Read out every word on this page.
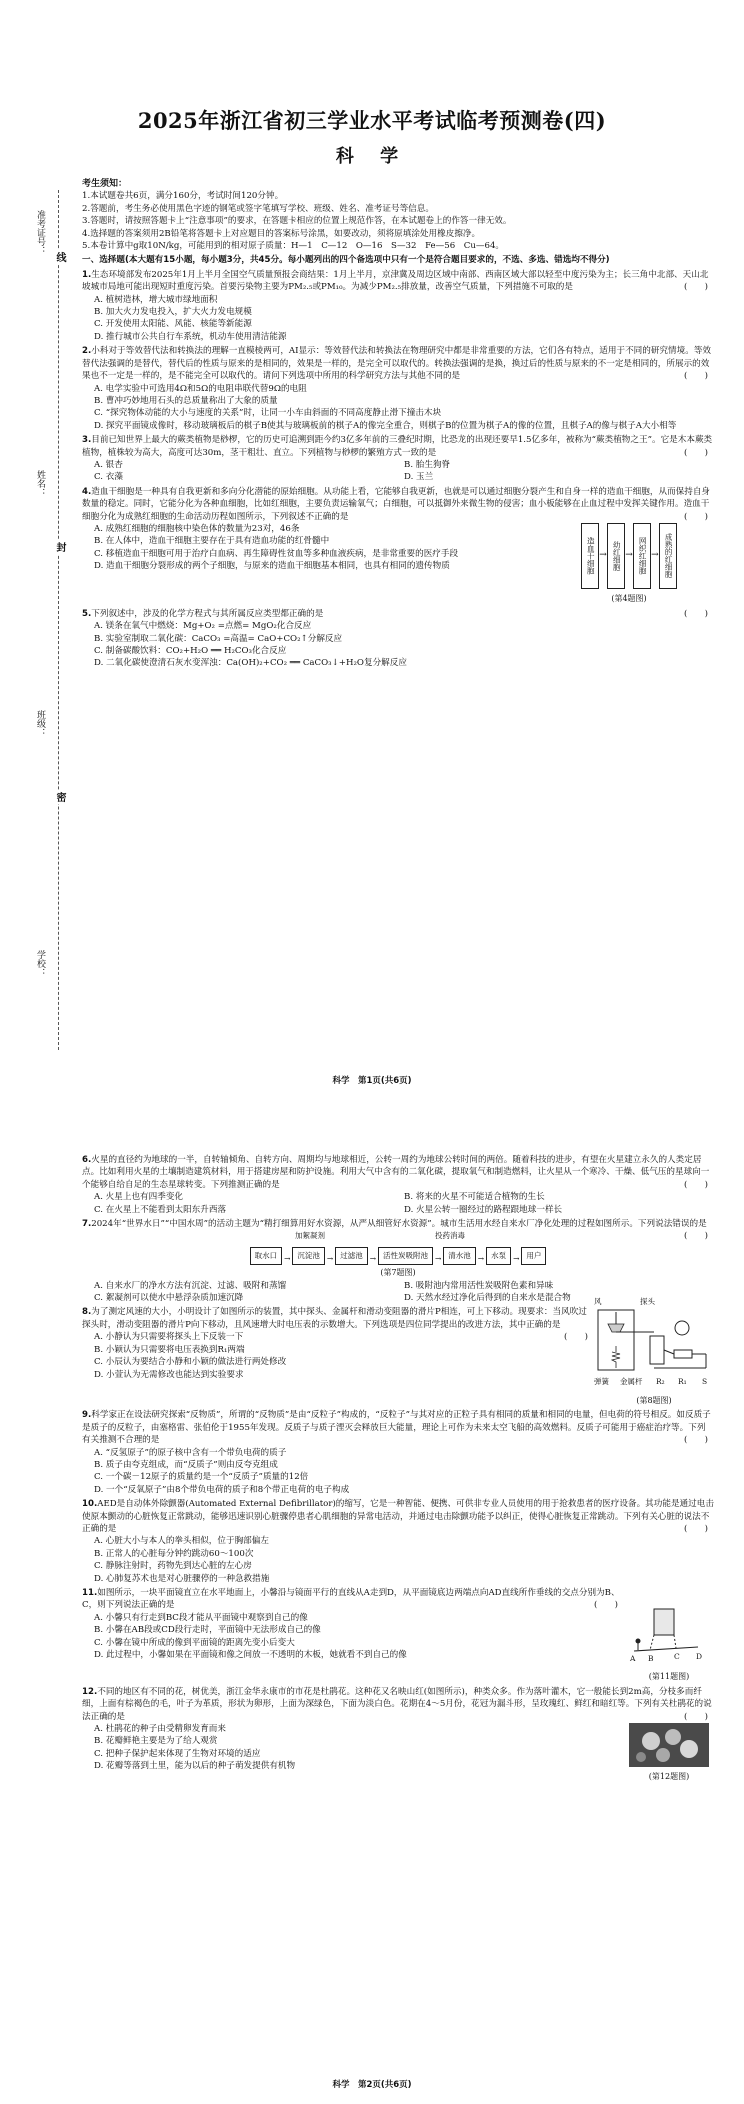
准考证号：
线
姓名：
封
班级：
密
学校：
2025年浙江省初三学业水平考试临考预测卷(四)
科 学
考生须知：

1.本试题卷共6页，满分160分，考试时间120分钟。

2.答题前，考生务必使用黑色字迹的钢笔或签字笔填写学校、班级、姓名、准考证号等信息。

3.答题时，请按照答题卡上“注意事项”的要求，在答题卡相应的位置上规范作答，在本试题卷上的作答一律无效。

4.选择题的答案须用2B铅笔将答题卡上对应题目的答案标号涂黑，如要改动，须将原填涂处用橡皮擦净。

5.本卷计算中g取10N/kg，可能用到的相对原子质量：H—1　C—12　O—16　S—32　Fe—56　Cu—64。

一、选择题(本大题有15小题，每小题3分，共45分。每小题列出的四个备选项中只有一个是符合题目要求的，不选、多选、错选均不得分)
1.生态环境部发布2025年1月上半月全国空气质量预报会商结果：1月上半月，京津冀及周边区域中南部、西南区域大部以轻至中度污染为主；长三角中北部、天山北坡城市局地可能出现短时重度污染。首要污染物主要为PM₂.₅或PM₁₀。为减少PM₂.₅排放量，改善空气质量，下列措施不可取的是	(　　)
A. 植树造林，增大城市绿地面积
B. 加大火力发电投入，扩大火力发电规模
C. 开发使用太阳能、风能、核能等新能源
D. 推行城市公共自行车系统，机动车使用清洁能源
2.小科对于等效替代法和转换法的理解一直模棱两可，AI显示：等效替代法和转换法在物理研究中都是非常重要的方法，它们各有特点，适用于不同的研究情境。等效替代法强调的是替代，替代后的性质与原来的是相同的，效果是一样的，是完全可以取代的。转换法强调的是换，换过后的性质与原来的不一定是相同的，所展示的效果也不一定是一样的，是不能完全可以取代的。请问下列选项中所用的科学研究方法与其他不同的是	(　　)
A. 电学实验中可选用4Ω和5Ω的电阻串联代替9Ω的电阻
B. 曹冲巧妙地用石头的总质量称出了大象的质量
C. “探究物体动能的大小与速度的关系”时，让同一小车由斜面的不同高度静止滑下撞击木块
D. 探究平面镜成像时，移动玻璃板后的棋子B使其与玻璃板前的棋子A的像完全重合，则棋子B的位置为棋子A的像的位置，且棋子A的像与棋子A大小相等
3.目前已知世界上最大的蕨类植物是桫椤，它的历史可追溯到距今约3亿多年前的三叠纪时期，比恐龙的出现还要早1.5亿多年，被称为“蕨类植物之王”。它是木本蕨类植物，植株较为高大，高度可达30m，茎干粗壮、直立。下列植物与桫椤的繁殖方式一致的是	(　　)
A. 银杏	B. 胎生狗脊
C. 衣藻	D. 玉兰
4.造血干细胞是一种具有自我更新和多向分化潜能的原始细胞。从功能上看，它能够自我更新，也就是可以通过细胞分裂产生和自身一样的造血干细胞，从而保持自身数量的稳定。同时，它能分化为各种血细胞，比如红细胞，主要负责运输氧气；白细胞，可以抵御外来微生物的侵害；血小板能够在止血过程中发挥关键作用。造血干细胞分化为成熟红细胞的生命活动历程如图所示，下列叙述不正确的是	(　　)
A. 成熟红细胞的细胞核中染色体的数量为23对，46条
B. 在人体中，造血干细胞主要存在于具有造血功能的红骨髓中
C. 移植造血干细胞可用于治疗白血病、再生障碍性贫血等多种血液疾病，是非常重要的医疗手段
D. 造血干细胞分裂形成的两个子细胞，与原来的造血干细胞基本相同，也具有相同的遗传物质	造血干细胞 → 幼红细胞 → 网织红细胞 → 成熟的红细胞
(第4题图)
5.下列叙述中，涉及的化学方程式与其所属反应类型都正确的是	(　　)
A. 镁条在氧气中燃烧：Mg+O₂ =点燃= MgO₂化合反应
B. 实验室制取二氧化碳：CaCO₃ =高温= CaO+CO₂↑分解反应
C. 制备碳酸饮料：CO₂+H₂O ══ H₂CO₃化合反应
D. 二氧化碳使澄清石灰水变浑浊：Ca(OH)₂+CO₂ ══ CaCO₃↓+H₂O复分解反应
科学　第1页(共6页)
6.火星的直径约为地球的一半，自转轴倾角、自转方向、周期均与地球相近，公转一周约为地球公转时间的两倍。随着科技的进步，有望在火星建立永久的人类定居点。比如利用火星的土壤制造建筑材料，用于搭建房屋和防护设施。利用大气中含有的二氧化碳，提取氧气和制造燃料，让火星从一个寒冷、干燥、低气压的星球向一个能够自给自足的生态星球转变。下列推测正确的是	(　　)
A. 火星上也有四季变化	B. 将来的火星不可能适合植物的生长
C. 在火星上不能看到太阳东升西落	D. 火星公转一圈经过的路程跟地球一样长
7.2024年“世界水日”“中国水周”的活动主题为“精打细算用好水资源，从严从细管好水资源”。城市生活用水经自来水厂净化处理的过程如图所示。下列说法错误的是
(　　)
加絮凝剂	投药消毒
取水口 → 沉淀池 → 过滤池 → 活性炭吸附池 → 清水池 → 水泵 → 用户
(第7题图)
A. 自来水厂的净水方法有沉淀、过滤、吸附和蒸馏	B. 吸附池内常用活性炭吸附色素和异味
C. 絮凝剂可以使水中悬浮杂质加速沉降	D. 天然水经过净化后得到的自来水是混合物
8.为了测定风速的大小，小明设计了如图所示的装置，其中探头、金属杆和滑动变阻器的滑片P相连，可上下移动。现要求：当风吹过探头时，滑动变阻器的滑片P向下移动，且风速增大时电压表的示数增大。下列选项是四位同学提出的改进方法，其中正确的是
(　　)
A. 小静认为只需要将探头上下反装一下
B. 小颖认为只需要将电压表换到R₁两端
C. 小辰认为要结合小静和小颖的做法进行两处修改
D. 小萱认为无需修改也能达到实验要求
风	探头
弹簧 金属杆 R₂ R₁ S
(第8题图)
9.科学家正在设法研究探索“反物质”，所谓的“反物质”是由“反粒子”构成的，“反粒子”与其对应的正粒子具有相同的质量和相同的电量，但电荷的符号相反。如反质子是质子的反粒子，由塞格雷、张伯伦于1955年发现。反质子与质子湮灭会释放巨大能量，理论上可作为未来太空飞船的高效燃料。反质子可能用于癌症治疗等。下列有关推测不合理的是	(　　)
A. “反氢原子”的原子核中含有一个带负电荷的质子
B. 质子由夸克组成，而“反质子”则由反夸克组成
C. 一个碳－12原子的质量约是一个“反质子”质量的12倍
D. 一个“反氧原子”由8个带负电荷的质子和8个带正电荷的电子构成
10.AED是自动体外除颤器(Automated External Defibrillator)的缩写，它是一种智能、便携、可供非专业人员使用的用于抢救患者的医疗设备。其功能是通过电击使原本颤动的心脏恢复正常跳动，能够迅速识别心脏骤停患者心肌细胞的异常电活动，并通过电击除颤功能予以纠正，使得心脏恢复正常跳动。下列有关心脏的说法不正确的是	(　　)
A. 心脏大小与本人的拳头相似，位于胸部偏左
B. 正常人的心脏每分钟约跳动60～100次
C. 静脉注射时，药物先到达心脏的左心房
D. 心肺复苏术也是对心脏骤停的一种急救措施
11.如图所示，一块平面镜直立在水平地面上，小馨沿与镜面平行的直线从A走到D，从平面镜底边两端点向AD直线所作垂线的交点分别为B、C，则下列说法正确的是	(　　)
A. 小馨只有行走到BC段才能从平面镜中观察到自己的像
B. 小馨在AB段或CD段行走时，平面镜中无法形成自己的像
C. 小馨在镜中所成的像到平面镜的距离先变小后变大
D. 此过程中，小馨如果在平面镜和像之间放一不透明的木板，她就看不到自己的像	A B	C D
(第11题图)
12.不同的地区有不同的花，树优美，浙江金华永康市的市花是杜鹃花。这种花又名映山红(如图所示)，种类众多。作为落叶灌木，它一般能长到2m高，分枝多而纤细，上面有棕褐色的毛，叶子为革质，形状为卵形，上面为深绿色，下面为淡白色。花期在4～5月份，花冠为漏斗形，呈玫瑰红、鲜红和暗红等。下列有关杜鹃花的说法正确的是	(　　)
A. 杜鹃花的种子由受精卵发育而来
B. 花瓣鲜艳主要是为了给人观赏
C. 把种子保护起来体现了生物对环境的适应
D. 花瓣等落到土里，能为以后的种子萌发提供有机物
(第12题图)
科学　第2页(共6页)
